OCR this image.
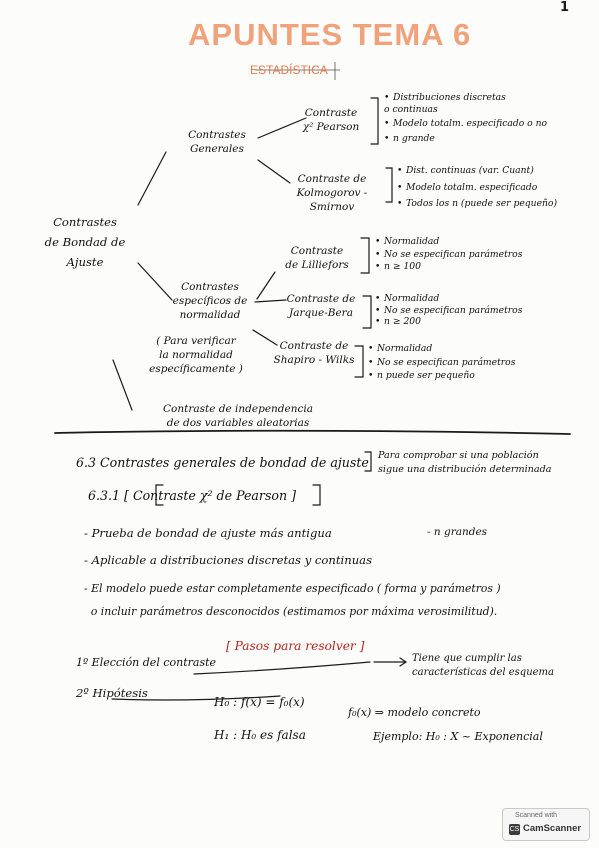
1
APUNTES TEMA 6
ESTADÍSTICA
Contrastes
de Bondad de
Ajuste
Contrastes
Generales
Contraste
χ² Pearson
Contraste de
Kolmogorov - Smirnov
Contrastes
específicos de
normalidad
Contraste
de Lilliefors
Contraste de
Jarque-Bera
Contraste de
Shapiro - Wilks
( Para verificar
la normalidad
específicamente )
Contraste de independencia
de dos variables aleatorias
• Distribuciones discretas
o continuas
• Modelo totalm. especificado o no
• n grande
• Dist. continuas (var. Cuant)
• Modelo totalm. especificado
• Todos los n (puede ser pequeño)
• Normalidad
• No se especifican parámetros
• n ≥ 100
• Normalidad
• No se especifican parámetros
• n ≥ 200
• Normalidad
• No se especifican parámetros
• n puede ser pequeño
6.3 Contrastes generales de bondad de ajuste Para comprobar si una población
sigue una distribución determinada
6.3.1 [ Contraste χ² de Pearson ]
- Prueba de bondad de ajuste más antigua	- n grandes
- Aplicable a distribuciones discretas y continuas
- El modelo puede estar completamente especificado ( forma y parámetros )
o incluir parámetros desconocidos (estimamos por máxima verosimilitud).
1º Elección del contraste
[ Pasos para resolver ]
Tiene que cumplir las
características del esquema
2º Hipótesis
H₀ : f(x) = f₀(x)
H₁ : H₀ es falsa
f₀(x) ⇒ modelo concreto
Ejemplo: H₀ : X ~ Exponencial
Scanned with
CS CamScanner
